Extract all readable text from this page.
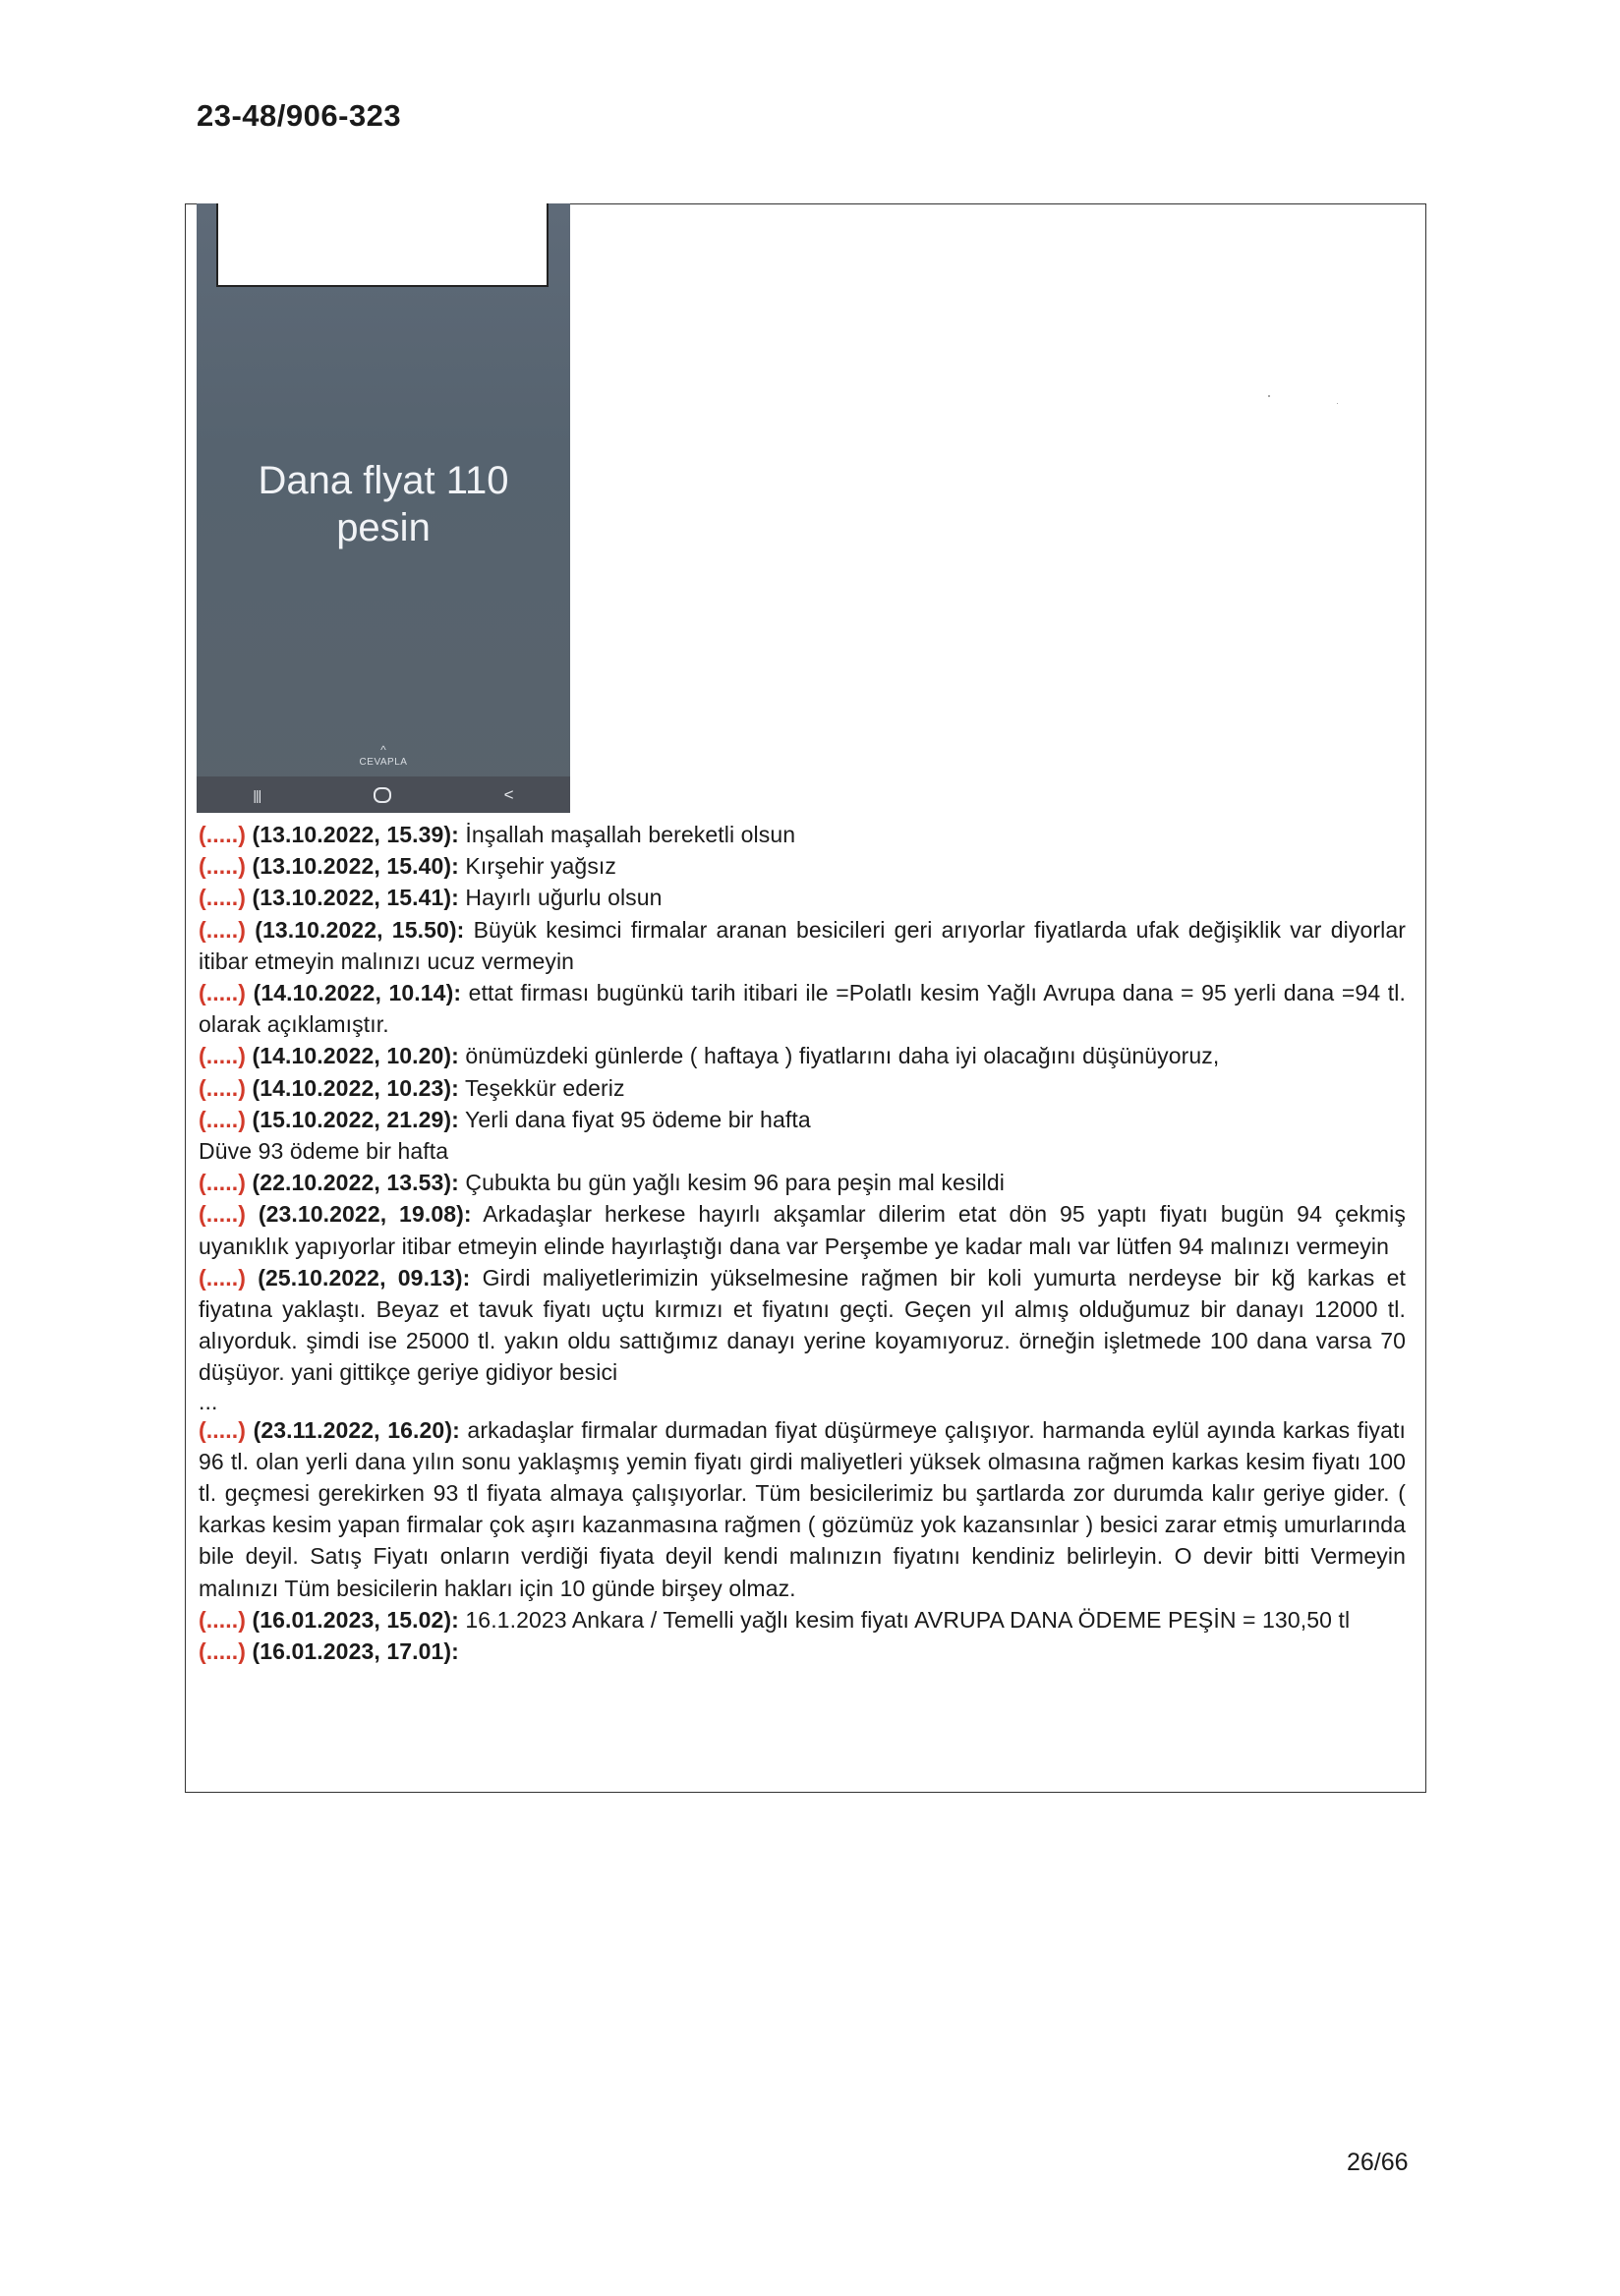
23-48/906-323
Dana flyat 110
pesin
^
CEVAPLA
|||	<

(.....) (13.10.2022, 15.39): İnşallah maşallah bereketli olsun

(.....) (13.10.2022, 15.40): Kırşehir yağsız

(.....) (13.10.2022, 15.41): Hayırlı uğurlu olsun

(.....) (13.10.2022, 15.50): Büyük kesimci firmalar aranan besicileri geri arıyorlar fiyatlarda ufak değişiklik var diyorlar itibar etmeyin malınızı ucuz vermeyin

(.....) (14.10.2022, 10.14): ettat firması bugünkü tarih itibari ile =Polatlı kesim Yağlı Avrupa dana = 95 yerli dana =94 tl. olarak açıklamıştır.

(.....) (14.10.2022, 10.20): önümüzdeki günlerde ( haftaya ) fiyatlarını daha iyi olacağını düşünüyoruz,

(.....) (14.10.2022, 10.23): Teşekkür ederiz

(.....) (15.10.2022, 21.29): Yerli dana fiyat 95 ödeme bir hafta
Düve 93 ödeme bir hafta

(.....) (22.10.2022, 13.53): Çubukta bu gün yağlı kesim 96 para peşin mal kesildi

(.....) (23.10.2022, 19.08): Arkadaşlar herkese hayırlı akşamlar dilerim etat dön 95 yaptı fiyatı bugün 94 çekmiş uyanıklık yapıyorlar itibar etmeyin elinde hayırlaştığı dana var Perşembe ye kadar malı var lütfen 94 malınızı vermeyin

(.....) (25.10.2022, 09.13): Girdi maliyetlerimizin yükselmesine rağmen bir koli yumurta nerdeyse bir kğ karkas et fiyatına yaklaştı. Beyaz et tavuk fiyatı uçtu kırmızı et fiyatını geçti. Geçen yıl almış olduğumuz bir danayı 12000 tl. alıyorduk. şimdi ise 25000 tl. yakın oldu sattığımız danayı yerine koyamıyoruz. örneğin işletmede 100 dana varsa 70 düşüyor. yani gittikçe geriye gidiyor besici

...

(.....) (23.11.2022, 16.20): arkadaşlar firmalar durmadan fiyat düşürmeye çalışıyor. harmanda eylül ayında karkas fiyatı 96 tl. olan yerli dana yılın sonu yaklaşmış yemin fiyatı girdi maliyetleri yüksek olmasına rağmen karkas kesim fiyatı 100 tl. geçmesi gerekirken 93 tl fiyata almaya çalışıyorlar. Tüm besicilerimiz bu şartlarda zor durumda kalır geriye gider. ( karkas kesim yapan firmalar çok aşırı kazanmasına rağmen ( gözümüz yok kazansınlar ) besici zarar etmiş umurlarında bile deyil. Satış Fiyatı onların verdiği fiyata deyil kendi malınızın fiyatını kendiniz belirleyin. O devir bitti Vermeyin malınızı Tüm besicilerin hakları için 10 günde birşey olmaz.

(.....) (16.01.2023, 15.02): 16.1.2023 Ankara / Temelli yağlı kesim fiyatı AVRUPA DANA ÖDEME PEŞİN = 130,50 tl

(.....) (16.01.2023, 17.01):

26/66
